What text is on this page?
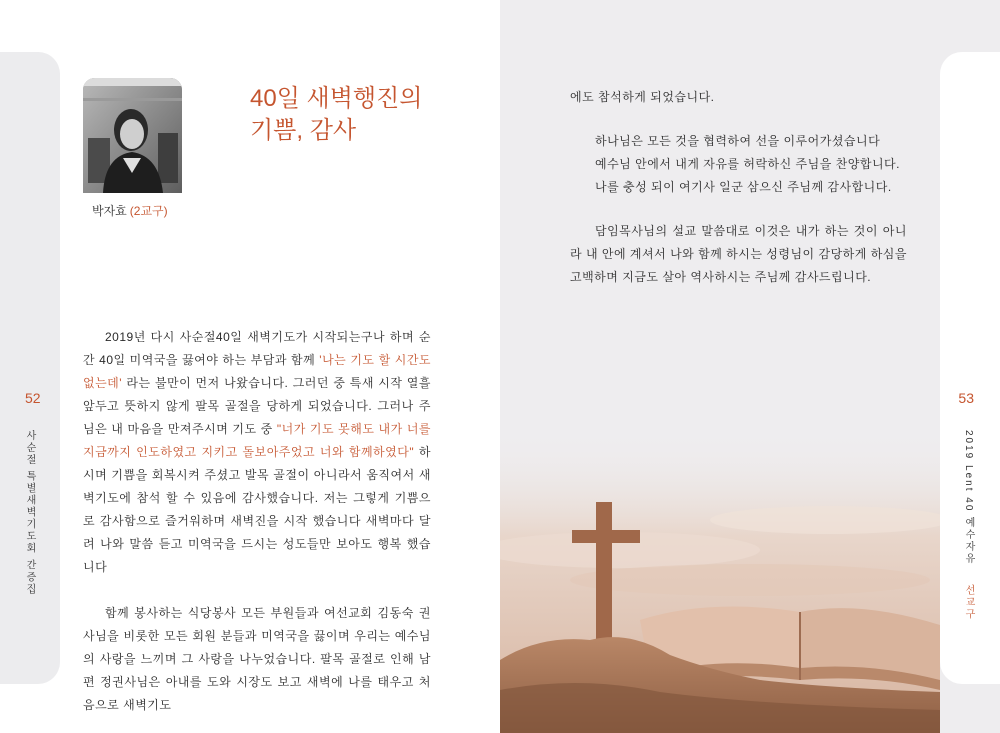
52
사순절 특별새벽기도회 간증집
박자효 (2교구)
40일 새벽행진의
기쁨, 감사

2019년 다시 사순절40일 새벽기도가 시작되는구나 하며 순간 40일 미역국을 끓여야 하는 부담과 함께 '나는 기도 할 시간도 없는데' 라는 불만이 먼저 나왔습니다. 그러던 중 특새 시작 열흘 앞두고 뜻하지 않게 팔목 골절을 당하게 되었습니다. 그러나 주님은 내 마음을 만져주시며 기도 중 "너가 기도 못해도 내가 너를 지금까지 인도하였고 지키고 돌보아주었고 너와 함께하였다" 하시며 기쁨을 회복시켜 주셨고 발목 골절이 아니라서 움직여서 새벽기도에 참석 할 수 있음에 감사했습니다. 저는 그렇게 기쁨으로 감사함으로 즐거워하며 새벽진을 시작 했습니다 새벽마다 달려 나와 말씀 듣고 미역국을 드시는 성도들만 보아도 행복 했습니다

함께 봉사하는 식당봉사 모든 부원들과 여선교회 김동숙 권사님을 비롯한 모든 회원 분들과 미역국을 끓이며 우리는 예수님의 사랑을 느끼며 그 사랑을 나누었습니다. 팔목 골절로 인해 남편 정권사님은 아내를 도와 시장도 보고 새벽에 나를 태우고 처음으로 새벽기도

53
2019 Lent 40 예수자유  선교구

에도 참석하게 되었습니다.

하나님은 모든 것을 협력하여 선을 이루어가셨습니다

예수님 안에서 내게 자유를 허락하신 주님을 찬양합니다.

나를 충성 되이 여기사 일군 삼으신 주님께 감사합니다.

담임목사님의 설교 말씀대로 이것은 내가 하는 것이 아니라 내 안에 계셔서 나와 함께 하시는 성령님이 감당하게 하심을 고백하며 지금도 살아 역사하시는 주님께 감사드립니다.
